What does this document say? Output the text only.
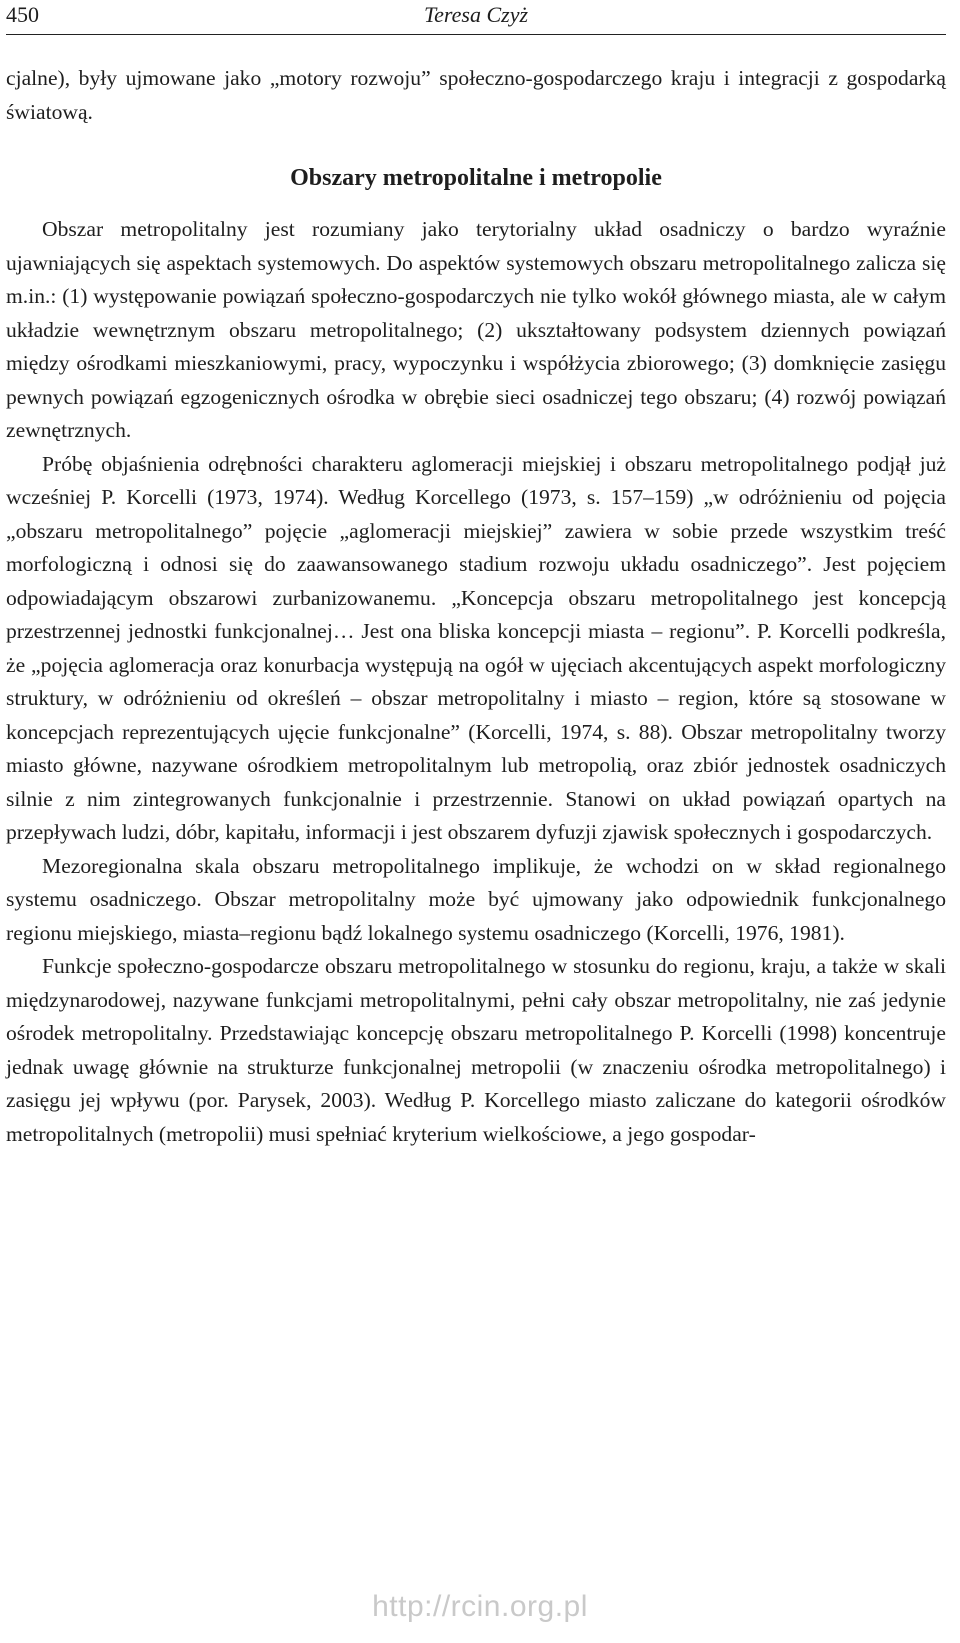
450	Teresa Czyż

cjalne), były ujmowane jako „motory rozwoju” społeczno-gospodarczego kraju i integracji z gospodarką światową.

Obszary metropolitalne i metropolie

Obszar metropolitalny jest rozumiany jako terytorialny układ osadniczy o bardzo wyraźnie ujawniających się aspektach systemowych. Do aspektów systemowych obszaru metropolitalnego zalicza się m.in.: (1) występowanie powiązań społeczno-gospodarczych nie tylko wokół głównego miasta, ale w całym układzie wewnętrznym obszaru metropolitalnego; (2) ukształtowany podsystem dziennych powiązań między ośrodkami mieszkaniowymi, pracy, wypoczynku i współżycia zbiorowego; (3) domknięcie zasięgu pewnych powiązań egzogenicznych ośrodka w obrębie sieci osadniczej tego obszaru; (4) rozwój powiązań zewnętrznych.

Próbę objaśnienia odrębności charakteru aglomeracji miejskiej i obszaru metropolitalnego podjął już wcześniej P. Korcelli (1973, 1974). Według Korcellego (1973, s. 157–159) „w odróżnieniu od pojęcia „obszaru metropolitalnego” pojęcie „aglomeracji miejskiej” zawiera w sobie przede wszystkim treść morfologiczną i odnosi się do zaawansowanego stadium rozwoju układu osadniczego”. Jest pojęciem odpowiadającym obszarowi zurbanizowanemu. „Koncepcja obszaru metropolitalnego jest koncepcją przestrzennej jednostki funkcjonalnej… Jest ona bliska koncepcji miasta – regionu”. P. Korcelli podkreśla, że „pojęcia aglomeracja oraz konurbacja występują na ogół w ujęciach akcentujących aspekt morfologiczny struktury, w odróżnieniu od określeń – obszar metropolitalny i miasto – region, które są stosowane w koncepcjach reprezentujących ujęcie funkcjonalne” (Korcelli, 1974, s. 88). Obszar metropolitalny tworzy miasto główne, nazywane ośrodkiem metropolitalnym lub metropolią, oraz zbiór jednostek osadniczych silnie z nim zintegrowanych funkcjonalnie i przestrzennie. Stanowi on układ powiązań opartych na przepływach ludzi, dóbr, kapitału, informacji i jest obszarem dyfuzji zjawisk społecznych i gospodarczych.

Mezoregionalna skala obszaru metropolitalnego implikuje, że wchodzi on w skład regionalnego systemu osadniczego. Obszar metropolitalny może być ujmowany jako odpowiednik funkcjonalnego regionu miejskiego, miasta–regionu bądź lokalnego systemu osadniczego (Korcelli, 1976, 1981).

Funkcje społeczno-gospodarcze obszaru metropolitalnego w stosunku do regionu, kraju, a także w skali międzynarodowej, nazywane funkcjami metropolitalnymi, pełni cały obszar metropolitalny, nie zaś jedynie ośrodek metropolitalny. Przedstawiając koncepcję obszaru metropolitalnego P. Korcelli (1998) koncentruje jednak uwagę głównie na strukturze funkcjonalnej metropolii (w znaczeniu ośrodka metropolitalnego) i zasięgu jej wpływu (por. Parysek, 2003). Według P. Korcellego miasto zaliczane do kategorii ośrodków metropolitalnych (metropolii) musi spełniać kryterium wielkościowe, a jego gospodar-

http://rcin.org.pl
